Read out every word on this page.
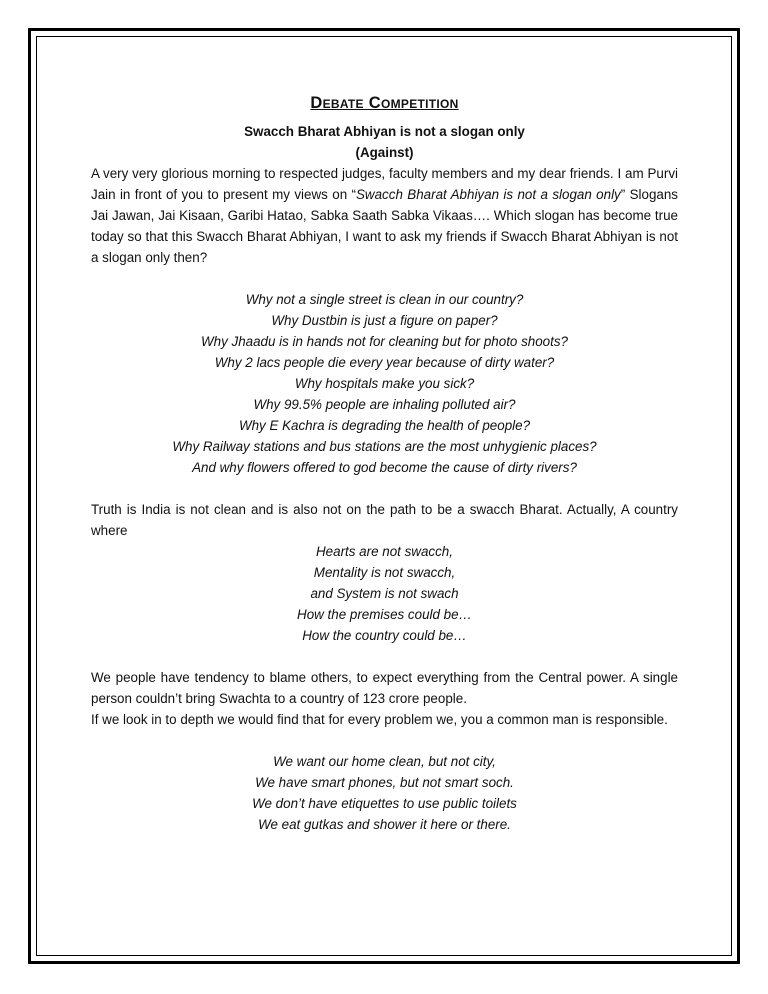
Debate Competition

Swacch Bharat Abhiyan is not a slogan only

(Against)

A very very glorious morning to respected judges, faculty members and my dear friends. I am Purvi Jain in front of you to present my views on “Swacch Bharat Abhiyan is not a slogan only” Slogans Jai Jawan, Jai Kisaan, Garibi Hatao, Sabka Saath Sabka Vikaas…. Which slogan has become true today so that this Swacch Bharat Abhiyan, I want to ask my friends if Swacch Bharat Abhiyan is not a slogan only then?

Why not a single street is clean in our country?

Why Dustbin is just a figure on paper?

Why Jhaadu is in hands not for cleaning but for photo shoots?

Why 2 lacs people die every year because of dirty water?

Why hospitals make you sick?

Why 99.5% people are inhaling polluted air?

Why E Kachra is degrading the health of people?

Why Railway stations and bus stations are the most unhygienic places?

And why flowers offered to god become the cause of dirty rivers?

Truth is India is not clean and is also not on the path to be a swacch Bharat. Actually, A country where

Hearts are not swacch,

Mentality is not swacch,

and System is not swach

How the premises could be…

How the country could be…

We people have tendency to blame others, to expect everything from the Central power. A single person couldn’t bring Swachta to a country of 123 crore people.

If we look in to depth we would find that for every problem we, you a common man is responsible.

We want our home clean, but not city,

We have smart phones, but not smart soch.

We don’t have etiquettes to use public toilets

We eat gutkas and shower it here or there.
